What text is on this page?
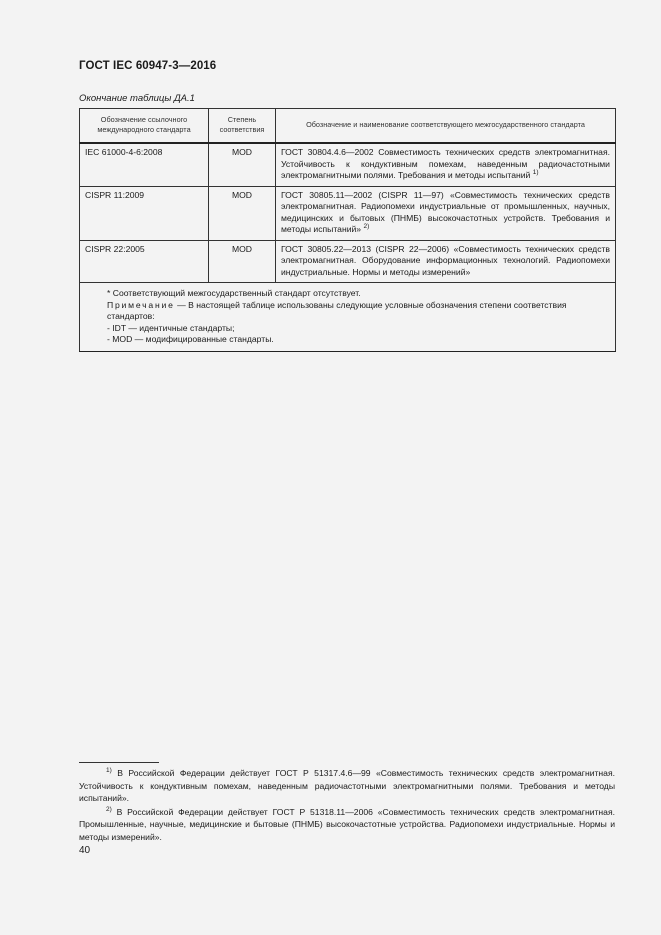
ГОСТ IEC 60947-3—2016
Окончание таблицы ДА.1
Обозначение ссылочного международного стандарта	Степень соответствия	Обозначение и наименование соответствующего межгосударственного стандарта
IEC 61000-4-6:2008	MOD	ГОСТ 30804.4.6—2002 Совместимость технических средств электромагнитная. Устойчивость к кондуктивным помехам, наведенным радиочастотными электромагнитными полями. Требования и методы испытаний $^{1)}$
CISPR 11:2009	MOD	ГОСТ 30805.11—2002 (CISPR 11—97) «Совместимость технических средств электромагнитная. Радиопомехи индустриальные от промышленных, научных, медицинских и бытовых (ПНМБ) высокочастотных устройств. Требования и методы испытаний» $^{2)}$
CISPR 22:2005	MOD	ГОСТ 30805.22—2013 (CISPR 22—2006) «Совместимость технических средств электромагнитная. Оборудование информационных технологий. Радиопомехи индустриальные. Нормы и методы измерений»

* Соответствующий межгосударственный стандарт отсутствует.

Примечание — В настоящей таблице использованы следующие условные обозначения степени соответствия стандартов:

- IDT — идентичные стандарты;

- MOD — модифицированные стандарты.		

$^{1)}$ В Российской Федерации действует ГОСТ Р 51317.4.6—99 «Совместимость технических средств электромагнитная. Устойчивость к кондуктивным помехам, наведенным радиочастотными электромагнитными полями. Требования и методы испытаний».

$^{2)}$ В Российской Федерации действует ГОСТ Р 51318.11—2006 «Совместимость технических средств электромагнитная. Промышленные, научные, медицинские и бытовые (ПНМБ) высокочастотные устройства. Радиопомехи индустриальные. Нормы и методы измерений».

40
